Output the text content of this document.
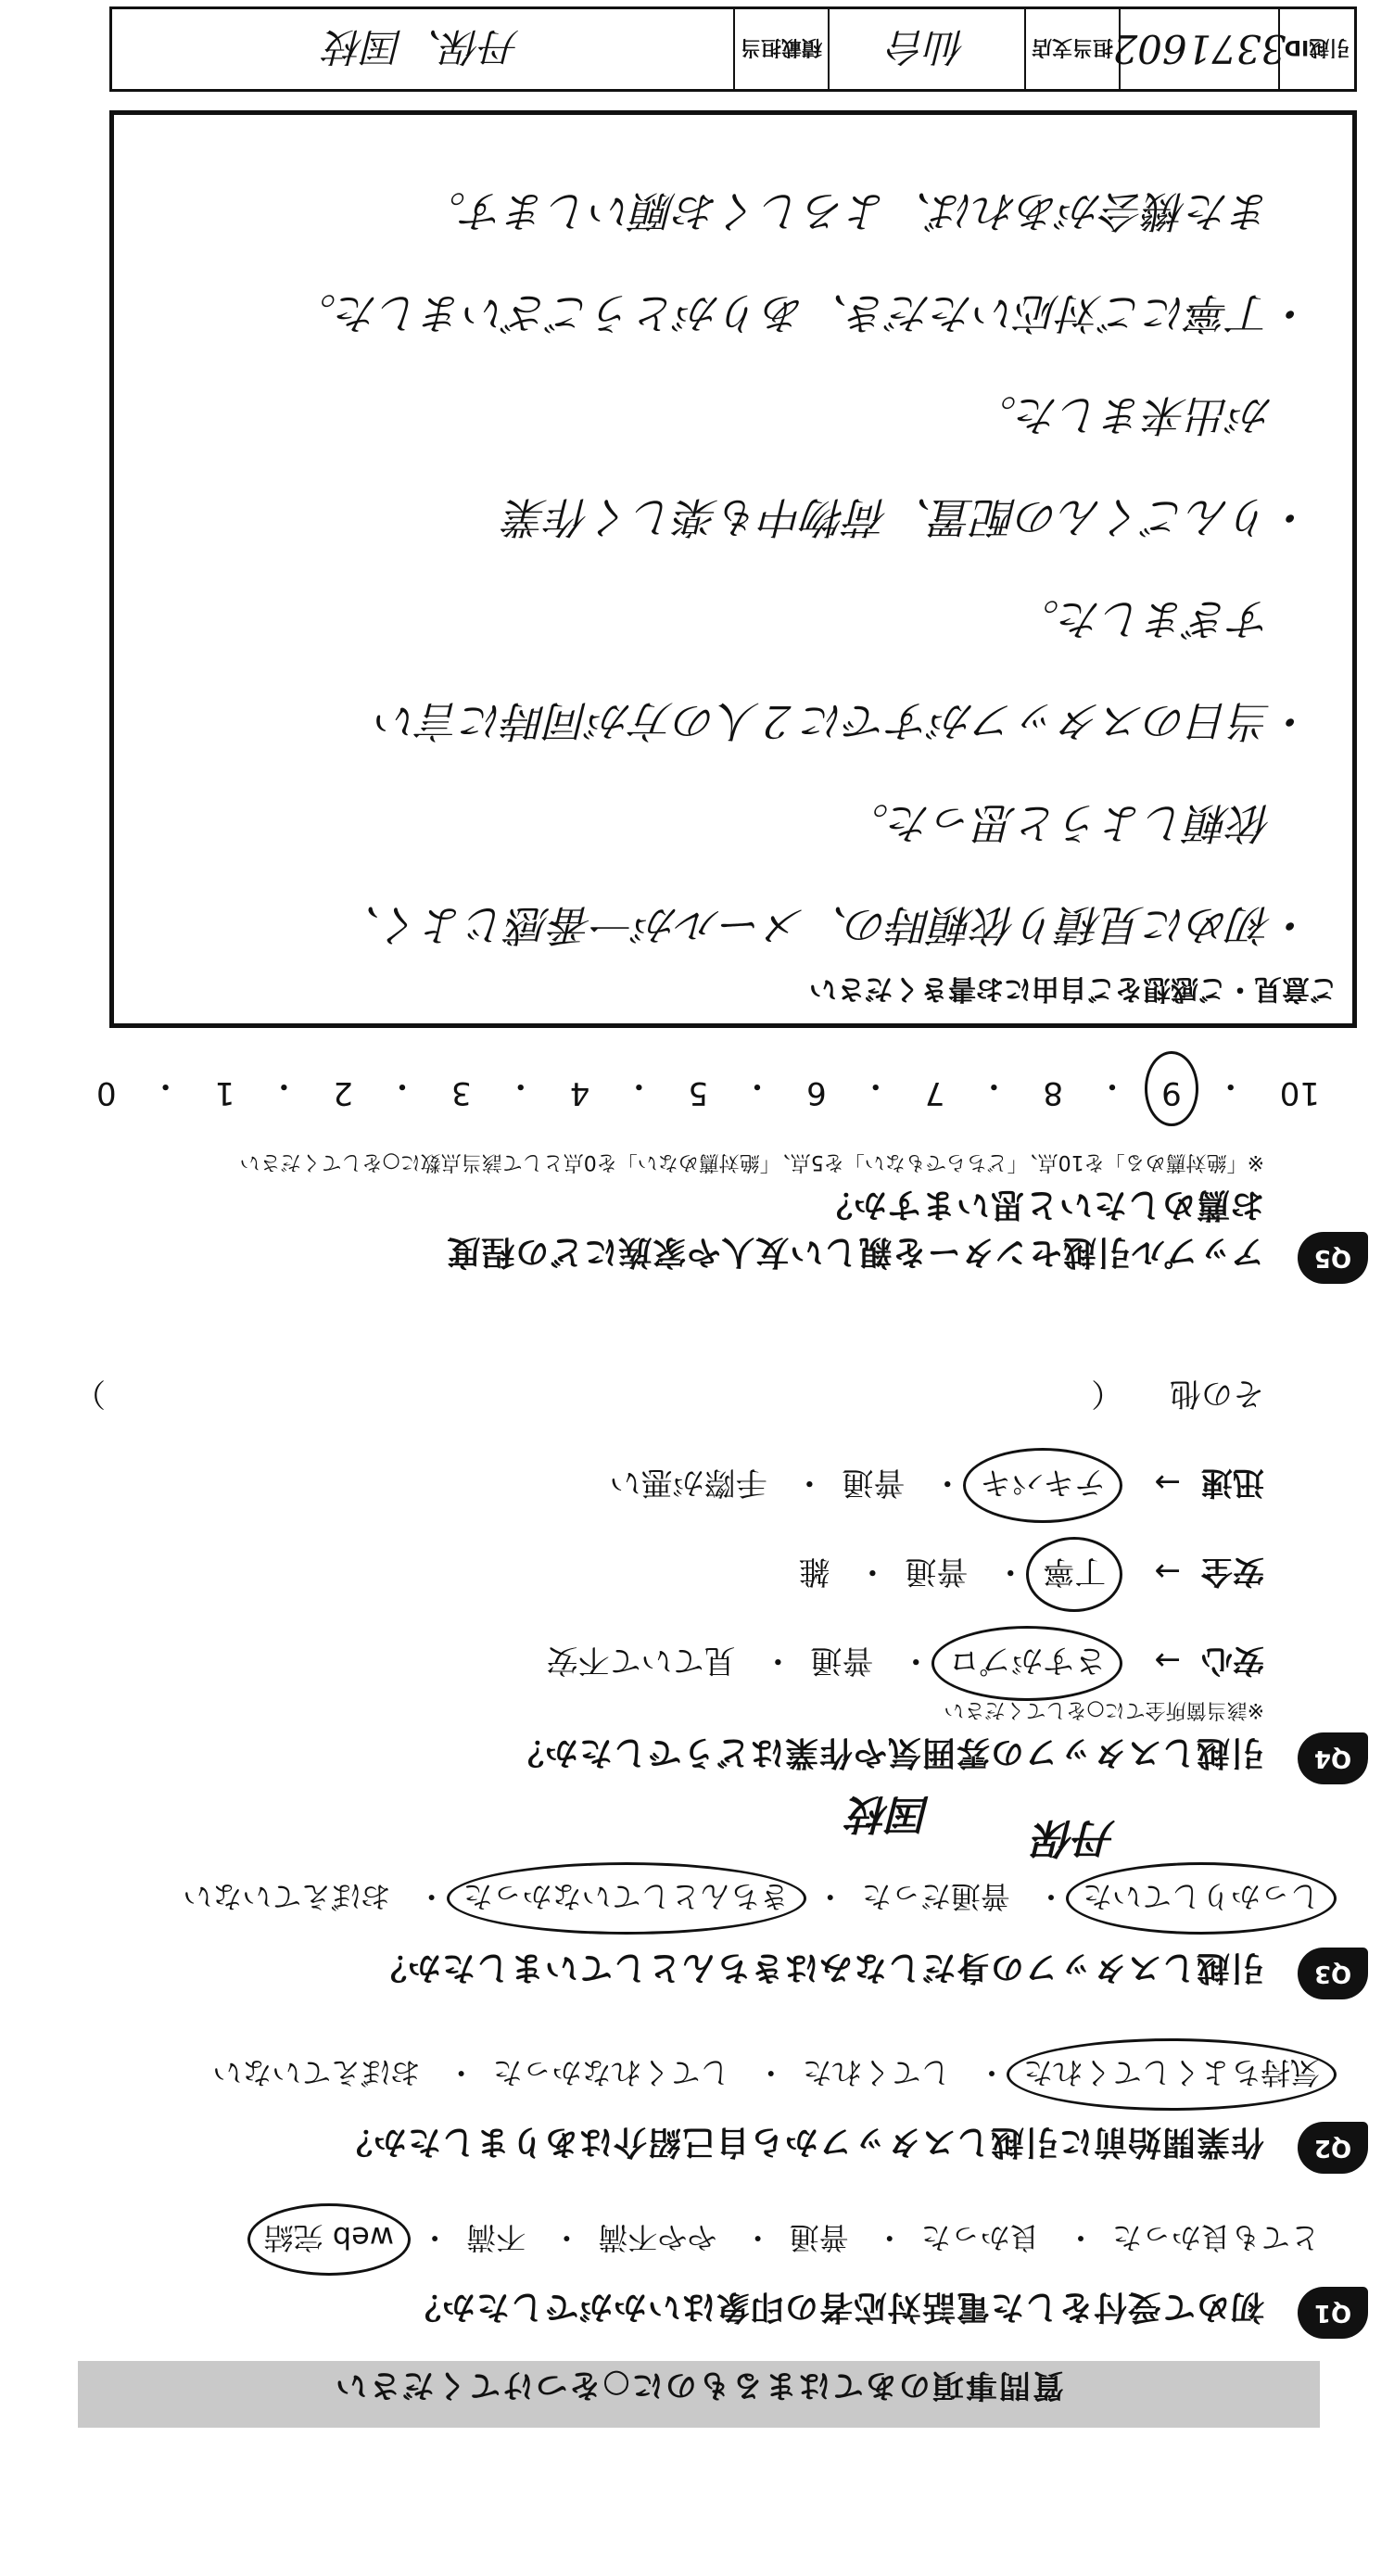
質問事項のあてはまるものに○をつけてください
Q1
初めて受付をした電話対応者の印象はいかがでしたか？
とても良かった・ 良かった・ 普通・ やや不満・ 不満・ web 完結
Q2
作業開始前に引越しスタッフから自己紹介はありましたか？
気持ちよくしてくれた・ してくれた・ してくれなかった・ おぼえていない
Q3
引越しスタッフの身だしなみはきちんとしていましたか？
しっかりしていた・ 普通だった・ きちんとしていなかった・ おぼえていない
丹保
国枝
Q4
引越しスタッフの雰囲気や作業はどうでしたか？
※該当箇所全てに○をしてください
安心→ さすがプロ・ 普通・ 見ていて不安
安全→ 丁寧・ 普通・ 雑
迅速→ テキパキ・ 普通・ 手際が悪い
その他 （
）
Q5
アップル引越センターを親しい友人や家族にどの程度お薦めしたいと思いますか？
※「絶対薦める」を10点、「どちらでもない」を5点、「絶対薦めない」を0点として該当点数に○をしてください
10
・
9
・
8
・
7
・
6
・
5
・
4
・
3
・
2
・
1
・
0
ご意見・ご感想をご自由にお書きください
・初めに見積り依頼時の、メールが一番感じよく、
　依頼しようと思った。
・当日のスタッフがすでに２人の方が同時に言い
　すぎました。
・りんごくんの配置、荷物中も楽しく作業
　が出来ました。
・丁寧にご対応いただき、ありがとうございました。
　また機会があれば、よろしくお願いします。
引越ID
3371602
担当支店
仙台
積載担当
丹保、国枝
